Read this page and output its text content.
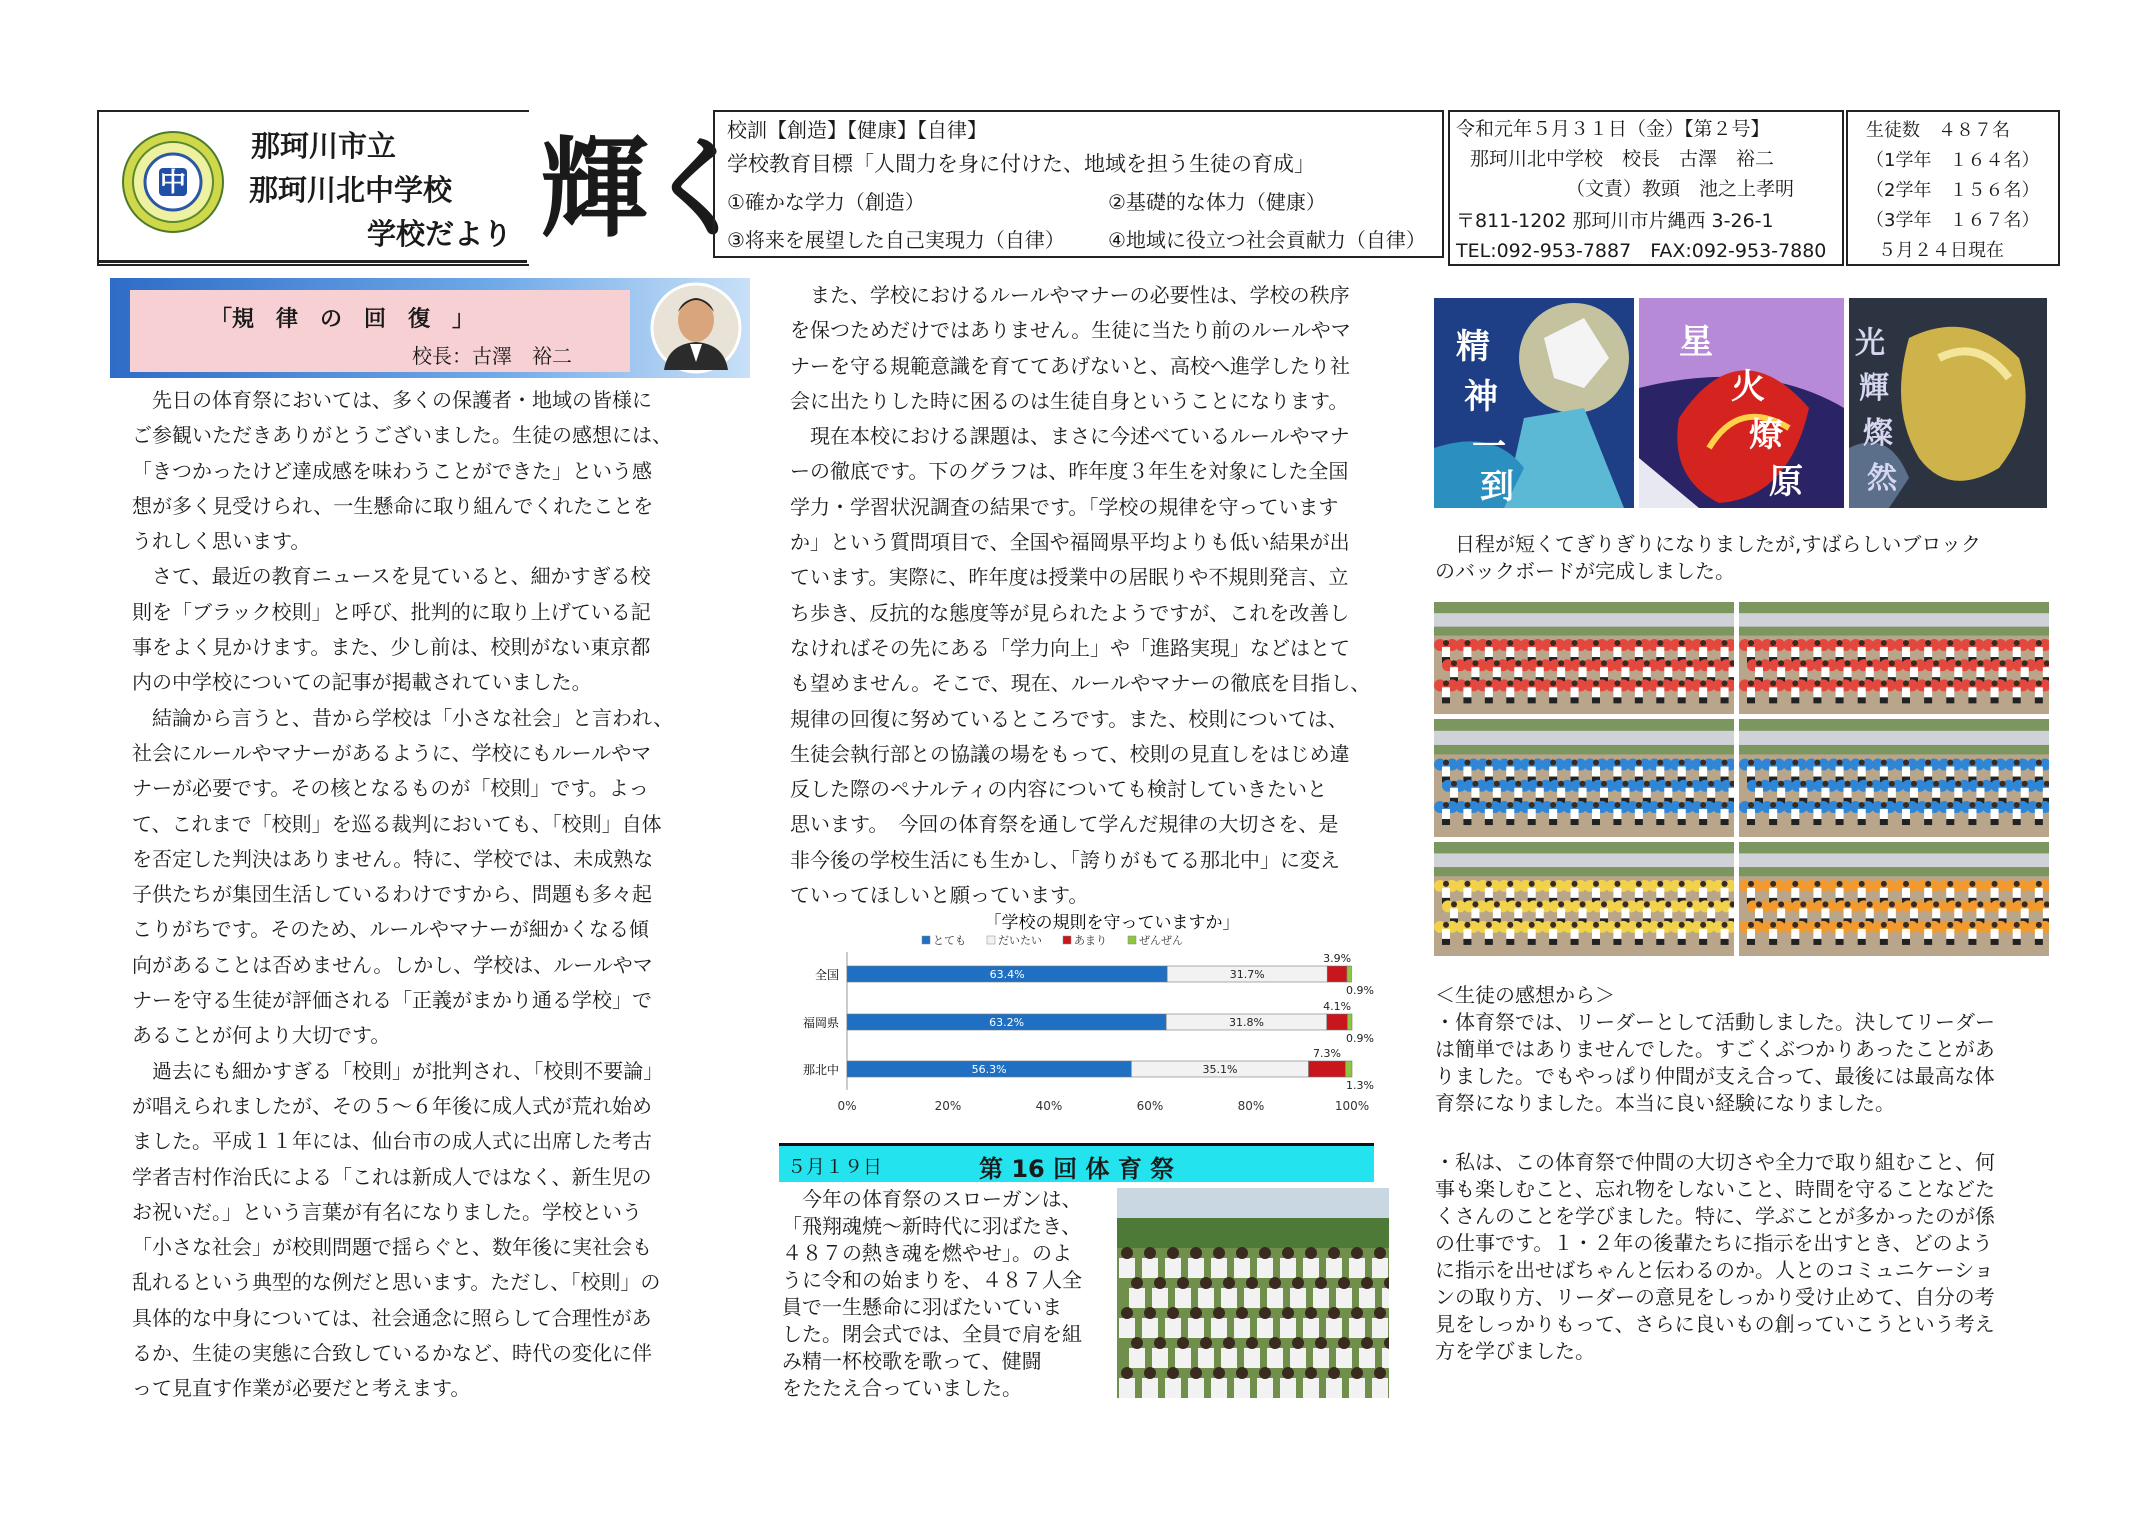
中
那珂川市立
那珂川北中学校
学校だより 輝く
校訓【創造】【健康】【自律】
学校教育目標「人間力を身に付けた、地域を担う生徒の育成」
①確かな学力（創造）	②基礎的な体力（健康）
③将来を展望した自己実現力（自律） ④地域に役立つ社会貢献力（自律）
令和元年５月３１日（金）【第２号】
那珂川北中学校　校長　古澤　裕二
（文責）教頭　池之上孝明
〒811-1202 那珂川市片縄西 3-26-1
TEL:092-953-7887　FAX:092-953-7880
生徒数　４８７名
（1学年　１６４名）
（2学年　１５６名）
（3学年　１６７名）
５月２４日現在
「規　律　の　回　復　」
校長：古澤　裕二
　先日の体育祭においては、多くの保護者・地域の皆様に
ご参観いただきありがとうございました。生徒の感想には、
「きつかったけど達成感を味わうことができた」という感
想が多く見受けられ、一生懸命に取り組んでくれたことを
うれしく思います。
　さて、最近の教育ニュースを見ていると、細かすぎる校
則を「ブラック校則」と呼び、批判的に取り上げている記
事をよく見かけます。また、少し前は、校則がない東京都
内の中学校についての記事が掲載されていました。
　結論から言うと、昔から学校は「小さな社会」と言われ、
社会にルールやマナーがあるように、学校にもルールやマ
ナーが必要です。その核となるものが「校則」です。よっ
て、これまで「校則」を巡る裁判においても、「校則」自体
を否定した判決はありません。特に、学校では、未成熟な
子供たちが集団生活しているわけですから、問題も多々起
こりがちです。そのため、ルールやマナーが細かくなる傾
向があることは否めません。しかし、学校は、ルールやマ
ナーを守る生徒が評価される「正義がまかり通る学校」で
あることが何より大切です。
　過去にも細かすぎる「校則」が批判され、「校則不要論」
が唱えられましたが、その５～６年後に成人式が荒れ始め
ました。平成１１年には、仙台市の成人式に出席した考古
学者吉村作治氏による「これは新成人ではなく、新生児の
お祝いだ。」という言葉が有名になりました。学校という
「小さな社会」が校則問題で揺らぐと、数年後に実社会も
乱れるという典型的な例だと思います。ただし、「校則」の
具体的な中身については、社会通念に照らして合理性があ
るか、生徒の実態に合致しているかなど、時代の変化に伴
って見直す作業が必要だと考えます。
　また、学校におけるルールやマナーの必要性は、学校の秩序
を保つためだけではありません。生徒に当たり前のルールやマ
ナーを守る規範意識を育ててあげないと、高校へ進学したり社
会に出たりした時に困るのは生徒自身ということになります。
　現在本校における課題は、まさに今述べているルールやマナ
ーの徹底です。下のグラフは、昨年度３年生を対象にした全国
学力・学習状況調査の結果です。「学校の規律を守っています
か」という質問項目で、全国や福岡県平均よりも低い結果が出
ています。実際に、昨年度は授業中の居眠りや不規則発言、立
ち歩き、反抗的な態度等が見られたようですが、これを改善し
なければその先にある「学力向上」や「進路実現」などはとて
も望めません。そこで、現在、ルールやマナーの徹底を目指し、
規律の回復に努めているところです。また、校則については、
生徒会執行部との協議の場をもって、校則の見直しをはじめ違
反した際のペナルティの内容についても検討していきたいと
思います。　今回の体育祭を通して学んだ規律の大切さを、是
非今後の学校生活にも生かし、「誇りがもてる那北中」に変え
ていってほしいと願っています。
「学校の規則を守っていますか」
とても	だいたい	あまり	ぜんぜん
全国	63.4%	31.7%
3.9%
0.9%
福岡県	63.2%	31.8%
4.1%
0.9%
那北中	56.3%	35.1%
7.3%
1.3%
0%	20%	40%	60%	80%	100%
５月１９日	第 16 回 体 育 祭
　今年の体育祭のスローガンは、
「飛翔魂焼～新時代に羽ばたき、
４８７の熱き魂を燃やせ」。のよ
うに令和の始まりを、４８７人全
員で一生懸命に羽ばたいていま
した。閉会式では、全員で肩を組
み精一杯校歌を歌って、健闘
をたたえ合っていました。
精
神
一
到
星
火
燎
原
光
輝
燦
然
　日程が短くてぎりぎりになりましたが,すばらしいブロック
のバックボードが完成しました。
＜生徒の感想から＞
・体育祭では、リーダーとして活動しました。決してリーダー
は簡単ではありませんでした。すごくぶつかりあったことがあ
りました。でもやっぱり仲間が支え合って、最後には最高な体
育祭になりました。本当に良い経験になりました。
・私は、この体育祭で仲間の大切さや全力で取り組むこと、何
事も楽しむこと、忘れ物をしないこと、時間を守ることなどた
くさんのことを学びました。特に、学ぶことが多かったのが係
の仕事です。１・２年の後輩たちに指示を出すとき、どのよう
に指示を出せばちゃんと伝わるのか。人とのコミュニケーショ
ンの取り方、リーダーの意見をしっかり受け止めて、自分の考
見をしっかりもって、さらに良いもの創っていこうという考え
方を学びました。
